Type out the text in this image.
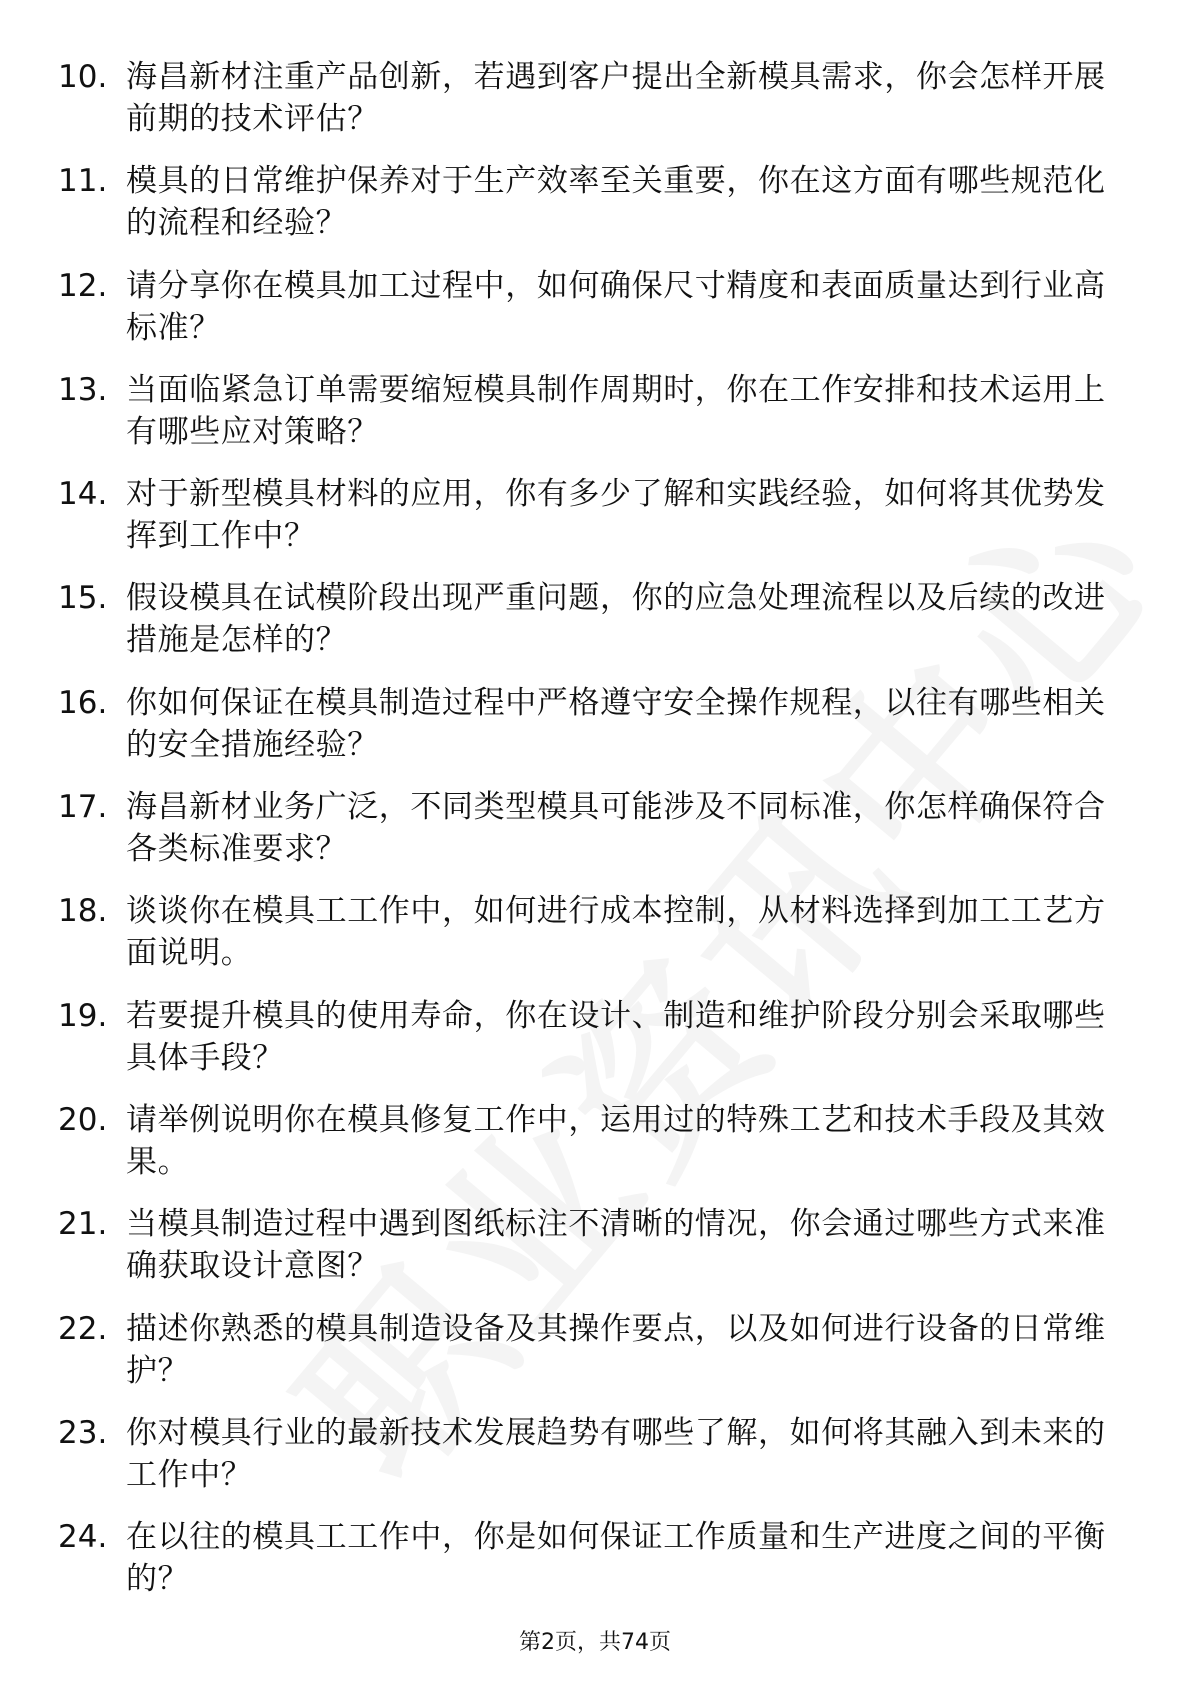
10. 海昌新材注重产品创新，若遇到客户提出全新模具需求，你会怎样开展前期的技术评估？
11. 模具的日常维护保养对于生产效率至关重要，你在这方面有哪些规范化的流程和经验？
12. 请分享你在模具加工过程中，如何确保尺寸精度和表面质量达到行业高标准？
13. 当面临紧急订单需要缩短模具制作周期时，你在工作安排和技术运用上有哪些应对策略？
14. 对于新型模具材料的应用，你有多少了解和实践经验，如何将其优势发挥到工作中？
15. 假设模具在试模阶段出现严重问题，你的应急处理流程以及后续的改进措施是怎样的？
16. 你如何保证在模具制造过程中严格遵守安全操作规程，以往有哪些相关的安全措施经验？
17. 海昌新材业务广泛，不同类型模具可能涉及不同标准，你怎样确保符合各类标准要求？
18. 谈谈你在模具工工作中，如何进行成本控制，从材料选择到加工工艺方面说明。
19. 若要提升模具的使用寿命，你在设计、制造和维护阶段分别会采取哪些具体手段？
20. 请举例说明你在模具修复工作中，运用过的特殊工艺和技术手段及其效果。
21. 当模具制造过程中遇到图纸标注不清晰的情况，你会通过哪些方式来准确获取设计意图？
22. 描述你熟悉的模具制造设备及其操作要点，以及如何进行设备的日常维护？
23. 你对模具行业的最新技术发展趋势有哪些了解，如何将其融入到未来的工作中？
24. 在以往的模具工工作中，你是如何保证工作质量和生产进度之间的平衡的？
第2页，共74页
